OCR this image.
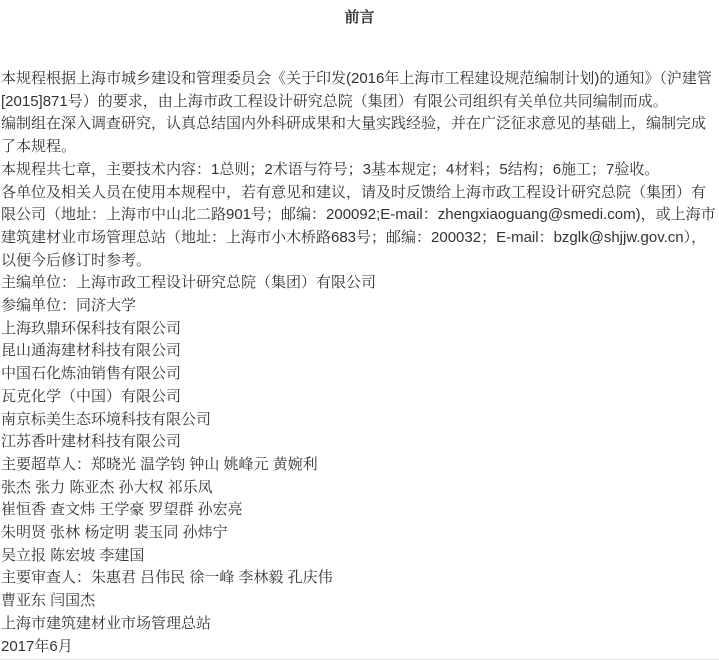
前言

本规程根据上海市城乡建设和管理委员会《关于印发(2016年上海市工程建设规范编制计划)的通知》（沪建管[2015]871号）的要求，由上海市政工程设计研究总院（集团）有限公司组织有关单位共同编制而成。

编制组在深入调查研究，认真总结国内外科研成果和大量实践经验，并在广泛征求意见的基础上，编制完成了本规程。

本规程共七章，主要技术内容：1总则；2术语与符号；3基本规定；4材料；5结构；6施工；7验收。

各单位及相关人员在使用本规程中，若有意见和建议，请及时反馈给上海市政工程设计研究总院（集团）有限公司（地址：上海市中山北二路901号；邮编：200092;E-mail：zhengxiaoguang@smedi.com)，或上海市建筑建材业市场管理总站（地址：上海市小木桥路683号；邮编：200032；E-mail：bzglk@shjjw.gov.cn），以便今后修订时参考。

主编单位：上海市政工程设计研究总院（集团）有限公司

参编单位：同济大学

上海玖鼎环保科技有限公司

昆山通海建材科技有限公司

中国石化炼油销售有限公司

瓦克化学（中国）有限公司

南京标美生态环境科技有限公司

江苏香叶建材科技有限公司

主要超草人：郑晓光 温学钧 钟山 姚峰元 黄婉利

张杰 张力 陈亚杰 孙大权 祁乐凤

崔恒香 查文炜 王学豪 罗望群 孙宏亮

朱明贤 张林 杨定明 裴玉同 孙炜宁

吴立报 陈宏坡 李建国

主要审查人：朱惠君 吕伟民 徐一峰 李林毅 孔庆伟

曹亚东 闫国杰

上海市建筑建材业市场管理总站

2017年6月
